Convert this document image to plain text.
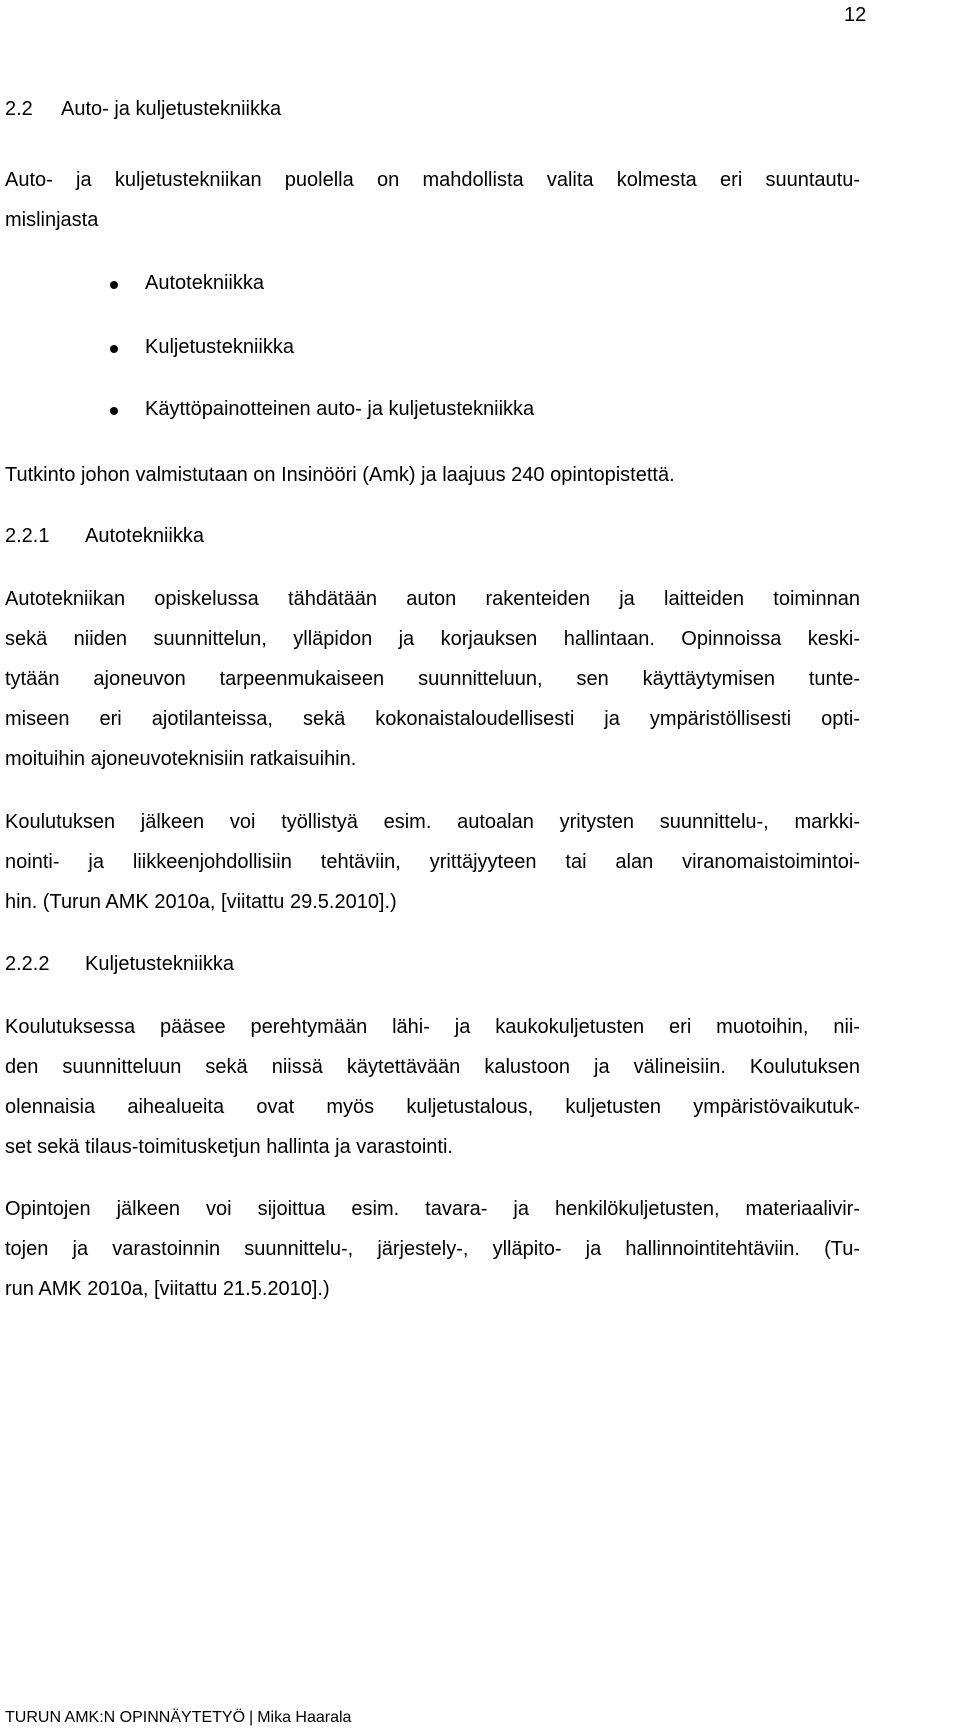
12
2.2 Auto- ja kuljetustekniikka
Auto- ja kuljetustekniikan puolella on mahdollista valita kolmesta eri suuntautu-
mislinjasta
Autotekniikka
Kuljetustekniikka
Käyttöpainotteinen auto- ja kuljetustekniikka
Tutkinto johon valmistutaan on Insinööri (Amk) ja laajuus 240 opintopistettä.
2.2.1 Autotekniikka
Autotekniikan opiskelussa tähdätään auton rakenteiden ja laitteiden toiminnan
sekä niiden suunnittelun, ylläpidon ja korjauksen hallintaan. Opinnoissa keski-
tytään ajoneuvon tarpeenmukaiseen suunnitteluun, sen käyttäytymisen tunte-
miseen eri ajotilanteissa, sekä kokonaistaloudellisesti ja ympäristöllisesti opti-
moituihin ajoneuvoteknisiin ratkaisuihin.
Koulutuksen jälkeen voi työllistyä esim. autoalan yritysten suunnittelu-, markki-
nointi- ja liikkeenjohdollisiin tehtäviin, yrittäjyyteen tai alan viranomaistoimintoi-
hin. (Turun AMK 2010a, [viitattu 29.5.2010].)
2.2.2 Kuljetustekniikka
Koulutuksessa pääsee perehtymään lähi- ja kaukokuljetusten eri muotoihin, nii-
den suunnitteluun sekä niissä käytettävään kalustoon ja välineisiin. Koulutuksen
olennaisia aihealueita ovat myös kuljetustalous, kuljetusten ympäristövaikutuk-
set sekä tilaus-toimitusketjun hallinta ja varastointi.
Opintojen jälkeen voi sijoittua esim. tavara- ja henkilökuljetusten, materiaalivir-
tojen ja varastoinnin suunnittelu-, järjestely-, ylläpito- ja hallinnointitehtäviin. (Tu-
run AMK 2010a, [viitattu 21.5.2010].)
TURUN AMK:N OPINNÄYTETYÖ | Mika Haarala
